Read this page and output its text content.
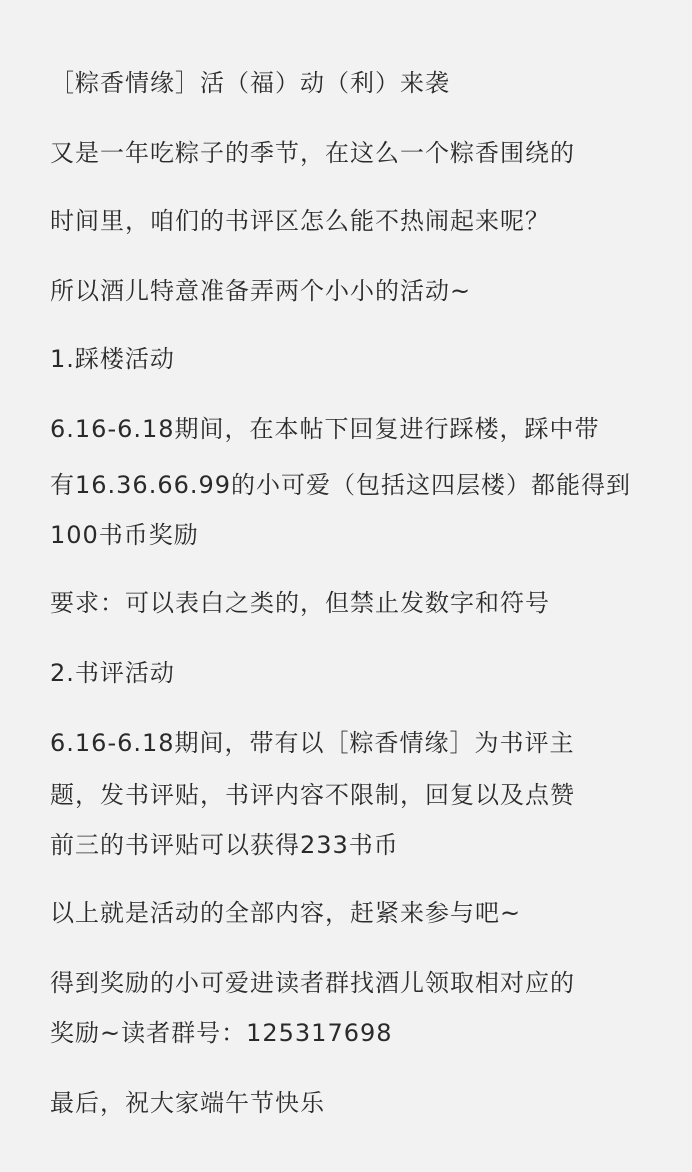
［粽香情缘］活（福）动（利）来袭
又是一年吃粽子的季节，在这么一个粽香围绕的
时间里，咱们的书评区怎么能不热闹起来呢？
所以酒儿特意准备弄两个小小的活动~
1.踩楼活动
6.16-6.18期间，在本帖下回复进行踩楼，踩中带
有16.36.66.99的小可爱（包括这四层楼）都能得到
100书币奖励
要求：可以表白之类的，但禁止发数字和符号
2.书评活动
6.16-6.18期间，带有以［粽香情缘］为书评主
题，发书评贴，书评内容不限制，回复以及点赞
前三的书评贴可以获得233书币
以上就是活动的全部内容，赶紧来参与吧~
得到奖励的小可爱进读者群找酒儿领取相对应的
奖励~读者群号：125317698
最后，祝大家端午节快乐
